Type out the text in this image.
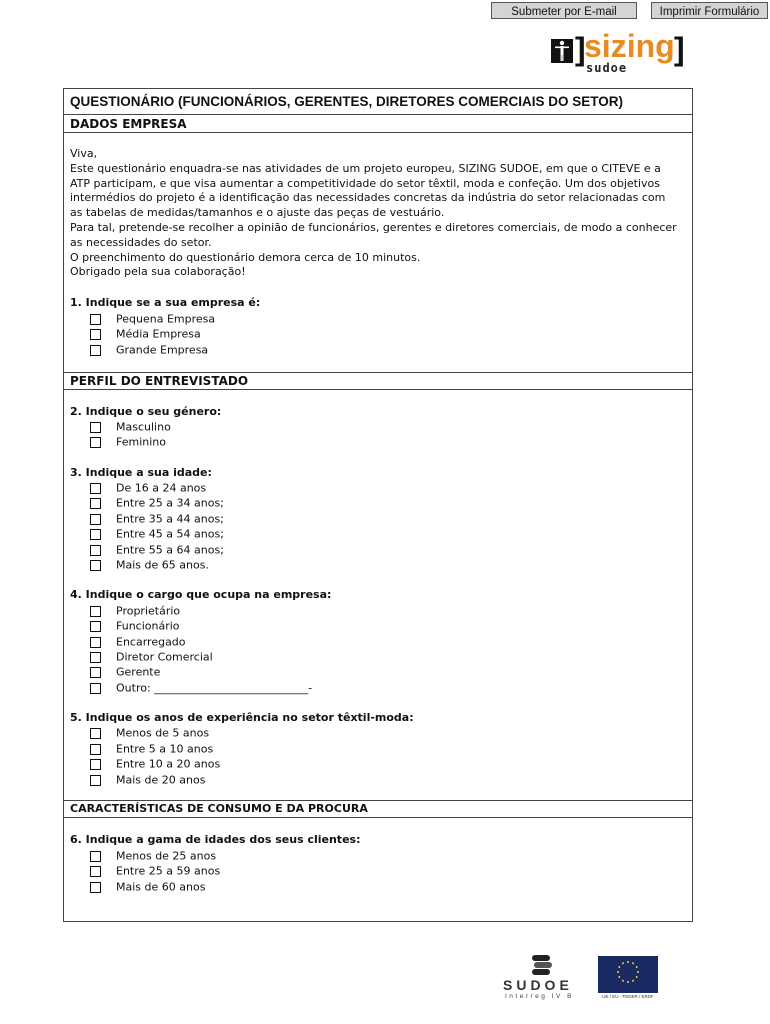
Submeter por E-mail	Imprimir Formulário
]
sizing ]
sudoe
QUESTIONÁRIO (FUNCIONÁRIOS, GERENTES, DIRETORES COMERCIAIS DO SETOR)
DADOS EMPRESA

Viva,

Este questionário enquadra-se nas atividades de um projeto europeu, SIZING SUDOE, em que o CITEVE e a ATP participam, e que visa aumentar a competitividade do setor têxtil, moda e confeção. Um dos objetivos intermédios do projeto é a identificação das necessidades concretas da indústria do setor relacionadas com as tabelas de medidas/tamanhos e o ajuste das peças de vestuário.

Para tal, pretende-se recolher a opinião de funcionários, gerentes e diretores comerciais, de modo a conhecer as necessidades do setor.

O preenchimento do questionário demora cerca de 10 minutos.

Obrigado pela sua colaboração!

1. Indique se a sua empresa é:
Pequena Empresa
Média Empresa
Grande Empresa
PERFIL DO ENTREVISTADO
2. Indique o seu género:
Masculino
Feminino
3. Indique a sua idade:
De 16 a 24 anos
Entre 25 a 34 anos;
Entre 35 a 44 anos;
Entre 45 a 54 anos;
Entre 55 a 64 anos;
Mais de 65 anos.
4. Indique o cargo que ocupa na empresa:
Proprietário
Funcionário
Encarregado
Diretor Comercial
Gerente
Outro: ____________________________-
5. Indique os anos de experiência no setor têxtil-moda:
Menos de 5 anos
Entre 5 a 10 anos
Entre 10 a 20 anos
Mais de 20 anos
CARACTERÍSTICAS DE CONSUMO E DA PROCURA
6. Indique a gama de idades dos seus clientes:
Menos de 25 anos
Entre 25 a 59 anos
Mais de 60 anos
SUDOE
Interreg IV B	UE / EU - FEDER / ERDF
